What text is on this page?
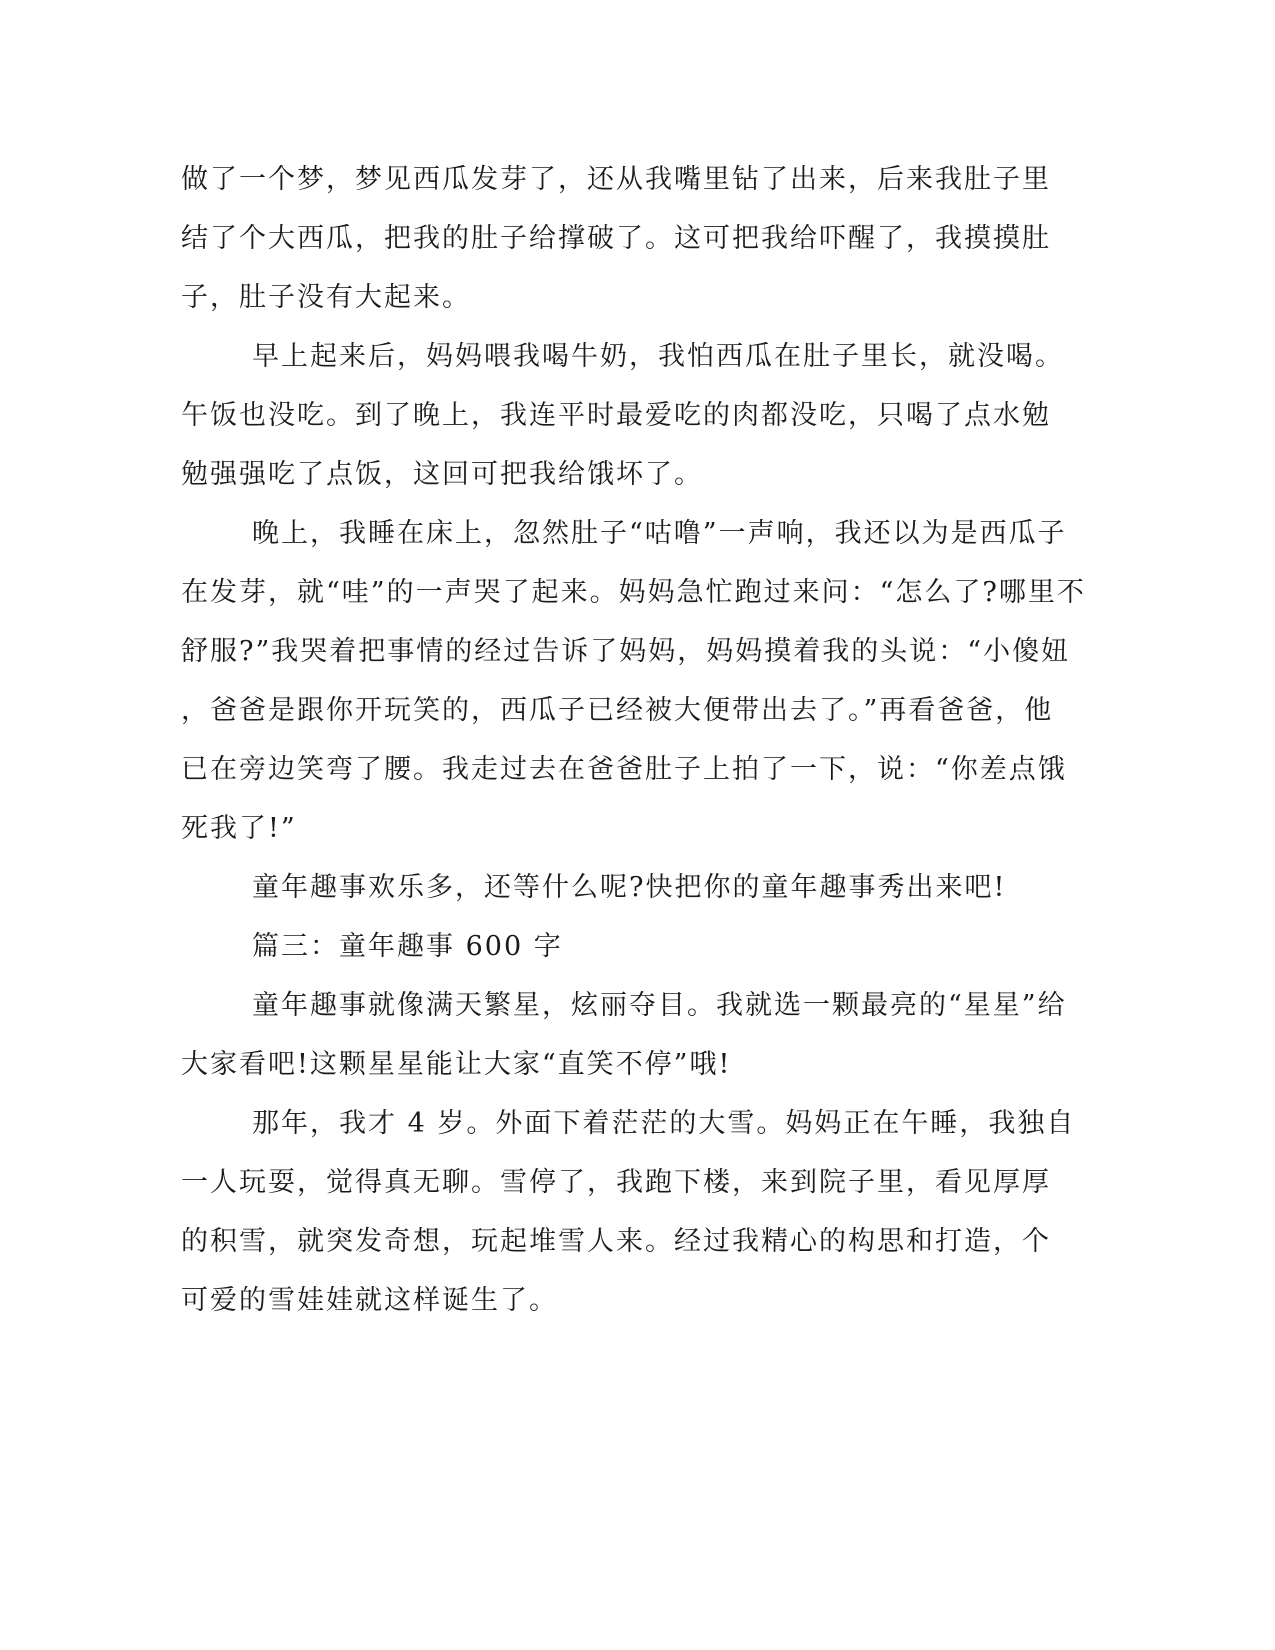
做了一个梦，梦见西瓜发芽了，还从我嘴里钻了出来，后来我肚子里
结了个大西瓜，把我的肚子给撑破了。这可把我给吓醒了，我摸摸肚
子，肚子没有大起来。
早上起来后，妈妈喂我喝牛奶，我怕西瓜在肚子里长，就没喝。
午饭也没吃。到了晚上，我连平时最爱吃的肉都没吃，只喝了点水勉
勉强强吃了点饭，这回可把我给饿坏了。
晚上，我睡在床上，忽然肚子“咕噜”一声响，我还以为是西瓜子
在发芽，就“哇”的一声哭了起来。妈妈急忙跑过来问：“怎么了?哪里不
舒服?”我哭着把事情的经过告诉了妈妈，妈妈摸着我的头说：“小傻妞
，爸爸是跟你开玩笑的，西瓜子已经被大便带出去了。”再看爸爸，他
已在旁边笑弯了腰。我走过去在爸爸肚子上拍了一下，说：“你差点饿
死我了!”
童年趣事欢乐多，还等什么呢?快把你的童年趣事秀出来吧!
篇三：童年趣事 600 字
童年趣事就像满天繁星，炫丽夺目。我就选一颗最亮的“星星”给
大家看吧!这颗星星能让大家“直笑不停”哦!
那年，我才 4 岁。外面下着茫茫的大雪。妈妈正在午睡，我独自
一人玩耍，觉得真无聊。雪停了，我跑下楼，来到院子里，看见厚厚
的积雪，就突发奇想，玩起堆雪人来。经过我精心的构思和打造，个
可爱的雪娃娃就这样诞生了。
